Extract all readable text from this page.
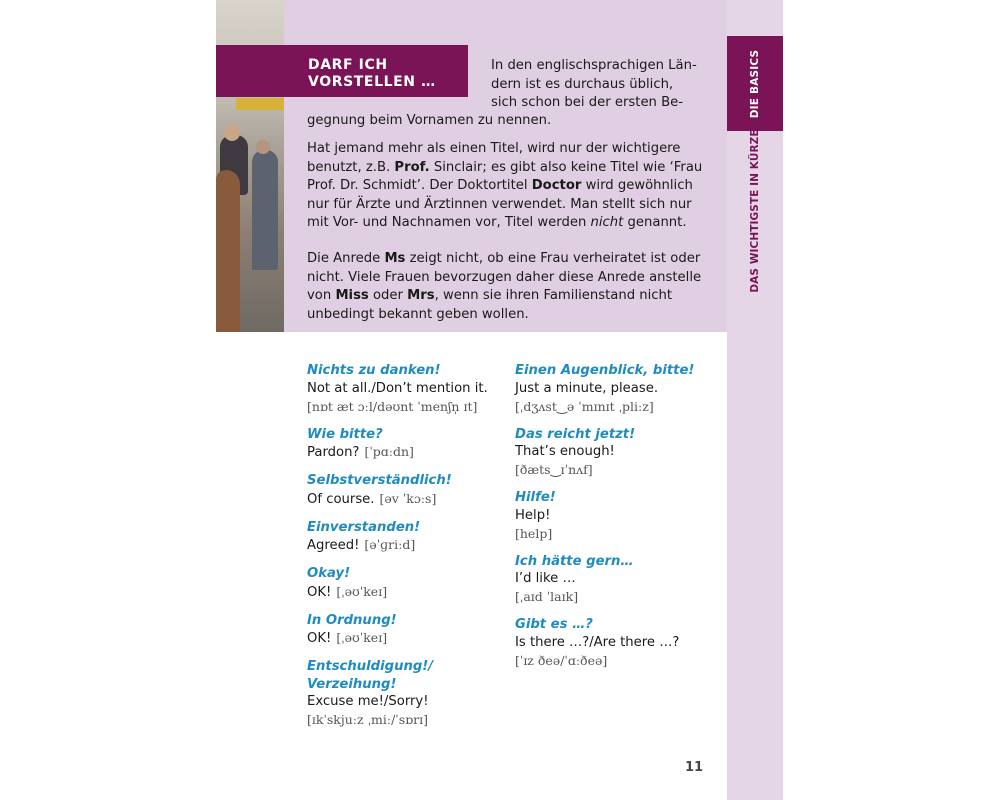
DARF ICH VORSTELLEN …
In den englischsprachigen Län-
dern ist es durchaus üblich,
sich schon bei der ersten Be-
gegnung beim Vornamen zu nennen.

Hat jemand mehr als einen Titel, wird nur der wichtigere benutzt, z.B. Prof. Sinclair; es gibt also keine Titel wie ‘Frau Prof. Dr. Schmidt’. Der Doktortitel Doctor wird gewöhnlich nur für Ärzte und Ärztinnen verwendet. Man stellt sich nur mit Vor- und Nachnamen vor, Titel werden nicht genannt.

Die Anrede Ms zeigt nicht, ob eine Frau verheiratet ist oder nicht. Viele Frauen bevorzugen daher diese Anrede anstelle von Miss oder Mrs, wenn sie ihren Familienstand nicht unbedingt bekannt geben wollen.

DIE BASICS
DAS WICHTIGSTE IN KÜRZE
Nichts zu danken!
Not at all./Don’t mention it.
[nɒt æt ɔːl/dəʊnt ˈmenʃn̩ ɪt]
Wie bitte?
Pardon? [ˈpɑːdn]
Selbstverständlich!
Of course. [əv ˈkɔːs]
Einverstanden!
Agreed! [əˈɡriːd]
Okay!
OK! [ˌəʊˈkeɪ]
In Ordnung!
OK! [ˌəʊˈkeɪ]
Entschuldigung!/ Verzeihung!
Excuse me!/Sorry!
[ɪkˈskjuːz ˌmiː/ˈsɒrɪ]
Einen Augenblick, bitte!
Just a minute, please.
[ˌdʒʌst‿ə ˈmɪnɪt ˌpliːz]
Das reicht jetzt!
That’s enough!
[ðæts‿ɪˈnʌf]
Hilfe!
Help!
[help]
Ich hätte gern…
I’d like …
[ˌaɪd ˈlaɪk]
Gibt es …?
Is there …?/Are there …?
[ˈɪz ðeə/ˈɑːðeə]
11
